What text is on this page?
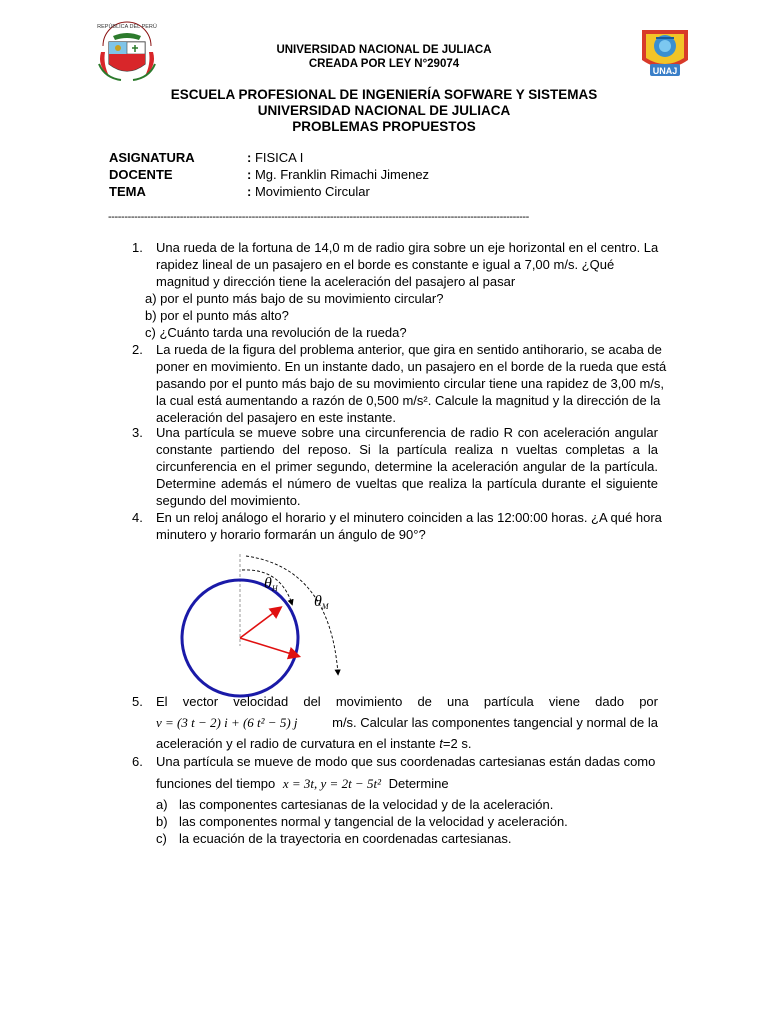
REPÚBLICA DEL PERÚ
UNAJ
UNIVERSIDAD NACIONAL DE JULIACA
CREADA POR LEY N°29074
ESCUELA PROFESIONAL DE INGENIERÍA SOFWARE Y SISTEMAS
UNIVERSIDAD NACIONAL DE JULIACA
PROBLEMAS PROPUESTOS
ASIGNATURA	: FISICA I
DOCENTE	: Mg. Franklin Rimachi Jimenez
TEMA	: Movimiento Circular
---------------------------------------------------------------------------------------------------------------------------------
1. Una rueda de la fortuna de 14,0 m de radio gira sobre un eje horizontal en el centro. La
rapidez lineal de un pasajero en el borde es constante e igual a 7,00 m/s. ¿Qué
magnitud y dirección tiene la aceleración del pasajero al pasar
a) por el punto más bajo de su movimiento circular?
b) por el punto más alto?
c) ¿Cuánto tarda una revolución de la rueda?
2. La rueda de la figura del problema anterior, que gira en sentido antihorario, se acaba de
poner en movimiento. En un instante dado, un pasajero en el borde de la rueda que está
pasando por el punto más bajo de su movimiento circular tiene una rapidez de 3,00 m/s,
la cual está aumentando a razón de 0,500 m/s². Calcule la magnitud y la dirección de la
aceleración del pasajero en este instante.
3. Una partícula se mueve sobre una circunferencia de radio R con aceleración angular
constante partiendo del reposo. Si la partícula realiza n vueltas completas a la
circunferencia en el primer segundo, determine la aceleración angular de la partícula.
Determine además el número de vueltas que realiza la partícula durante el siguiente
segundo del movimiento.
4. En un reloj análogo el horario y el minutero coinciden a las 12:00:00 horas. ¿A qué hora
minutero y horario formarán un ángulo de 90°?
θH
θM
5. El vector velocidad del movimiento de una partícula viene dado por
v = (3 t − 2) i + (6 t² − 5) j	m/s. Calcular las componentes tangencial y normal de la
aceleración y el radio de curvatura en el instante t=2 s.
6. Una partícula se mueve de modo que sus coordenadas cartesianas están dadas como
funciones del tiempo x = 3t, y = 2t − 5t² Determine
a) las componentes cartesianas de la velocidad y de la aceleración.
b) las componentes normal y tangencial de la velocidad y aceleración.
c) la ecuación de la trayectoria en coordenadas cartesianas.
